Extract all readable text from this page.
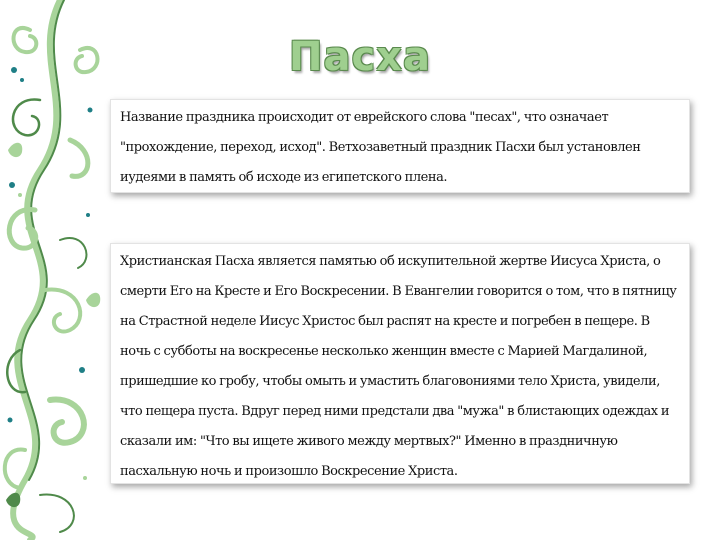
Пасха
Название праздника происходит от еврейского слова "песах", что означает "прохождение, переход, исход". Ветхозаветный праздник Пасхи был установлен иудеями в память об исходе из египетского плена.
Христианская Пасха является памятью об искупительной жертве Иисуса Христа, о смерти Его на Кресте и Его Воскресении. В Евангелии говорится о том, что в пятницу на Страстной неделе Иисус Христос был распят на кресте и погребен в пещере. В ночь с субботы на воскресенье несколько женщин вместе с Марией Магдалиной, пришедшие ко гробу, чтобы омыть и умастить благовониями тело Христа, увидели, что пещера пуста. Вдруг перед ними предстали два "мужа" в блистающих одеждах и сказали им: "Что вы ищете живого между мертвых?" Именно в праздничную пасхальную ночь и произошло Воскресение Христа.
